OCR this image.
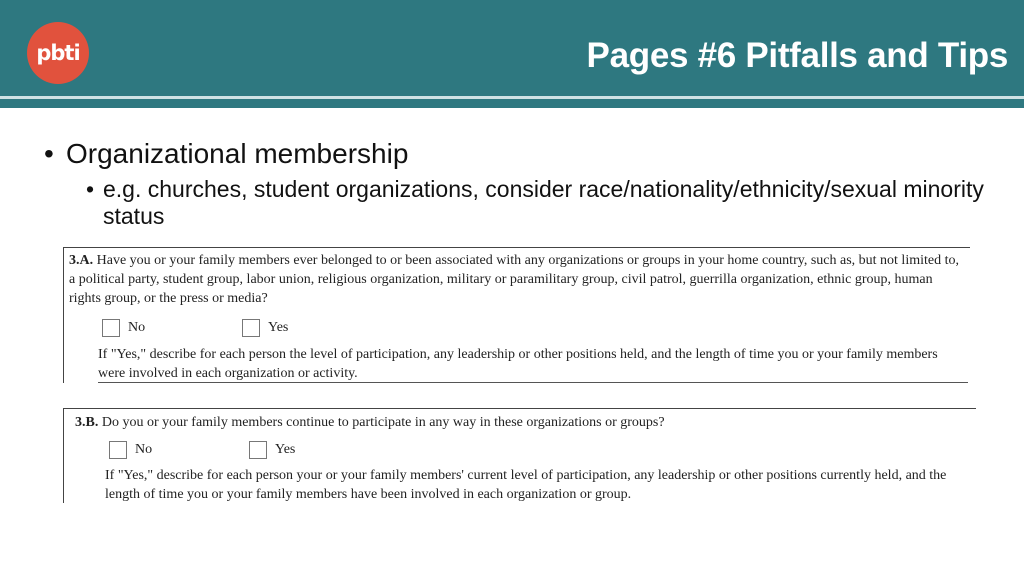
pbti	Pages #6 Pitfalls and Tips
• Organizational membership
• e.g. churches, student organizations, consider race/nationality/ethnicity/sexual minority status
3.A. Have you or your family members ever belonged to or been associated with any organizations or groups in your home country, such as, but not limited to, a political party, student group, labor union, religious organization, military or paramilitary group, civil patrol, guerrilla organization, ethnic group, human rights group, or the press or media?
No	Yes
If "Yes," describe for each person the level of participation, any leadership or other positions held, and the length of time you or your family members were involved in each organization or activity.
3.B. Do you or your family members continue to participate in any way in these organizations or groups?
No	Yes
If "Yes," describe for each person your or your family members' current level of participation, any leadership or other positions currently held, and the length of time you or your family members have been involved in each organization or group.
